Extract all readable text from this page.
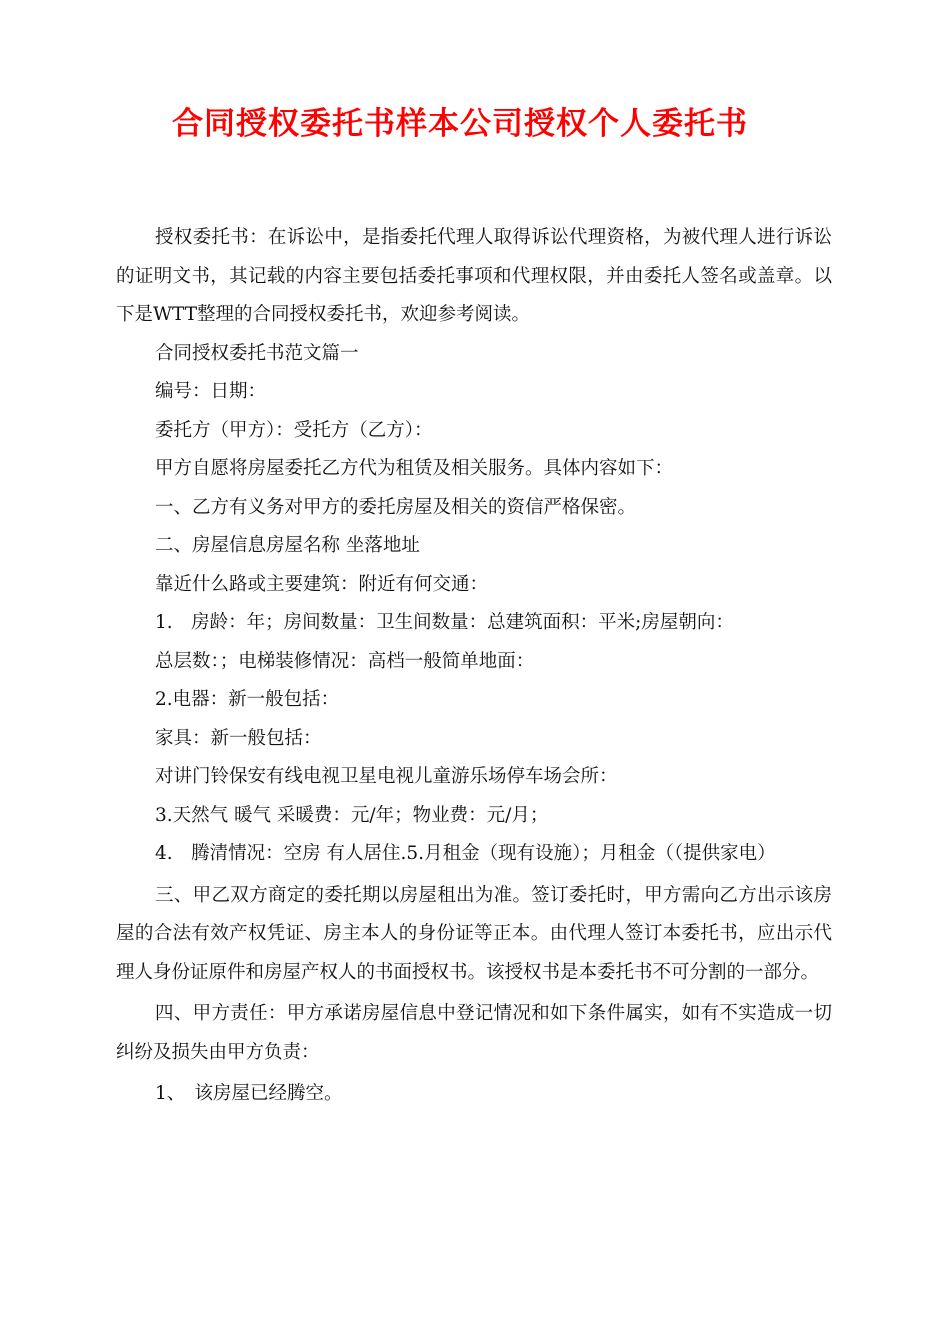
合同授权委托书样本公司授权个人委托书

授权委托书：在诉讼中，是指委托代理人取得诉讼代理资格，为被代理人进行诉讼的证明文书，其记载的内容主要包括委托事项和代理权限，并由委托人签名或盖章。以下是WTT整理的合同授权委托书，欢迎参考阅读。

合同授权委托书范文篇一

编号：日期：

委托方（甲方）：受托方（乙方）：

甲方自愿将房屋委托乙方代为租赁及相关服务。具体内容如下：

一、乙方有义务对甲方的委托房屋及相关的资信严格保密。

二、房屋信息房屋名称 坐落地址

靠近什么路或主要建筑：附近有何交通：

1.　房龄：年；房间数量：卫生间数量：总建筑面积：平米;房屋朝向：

总层数：；电梯装修情况：高档一般简单地面：

2.电器：新一般包括：

家具：新一般包括：

对讲门铃保安有线电视卫星电视儿童游乐场停车场会所：

3.天然气 暖气 采暖费：元/年；物业费：元/月；

4.　腾清情况：空房 有人居住.5.月租金（现有设施）；月租金（（提供家电）

三、甲乙双方商定的委托期以房屋租出为准。签订委托时，甲方需向乙方出示该房屋的合法有效产权凭证、房主本人的身份证等正本。由代理人签订本委托书，应出示代理人身份证原件和房屋产权人的书面授权书。该授权书是本委托书不可分割的一部分。

四、甲方责任：甲方承诺房屋信息中登记情况和如下条件属实，如有不实造成一切纠纷及损失由甲方负责：

1、　该房屋已经腾空。
